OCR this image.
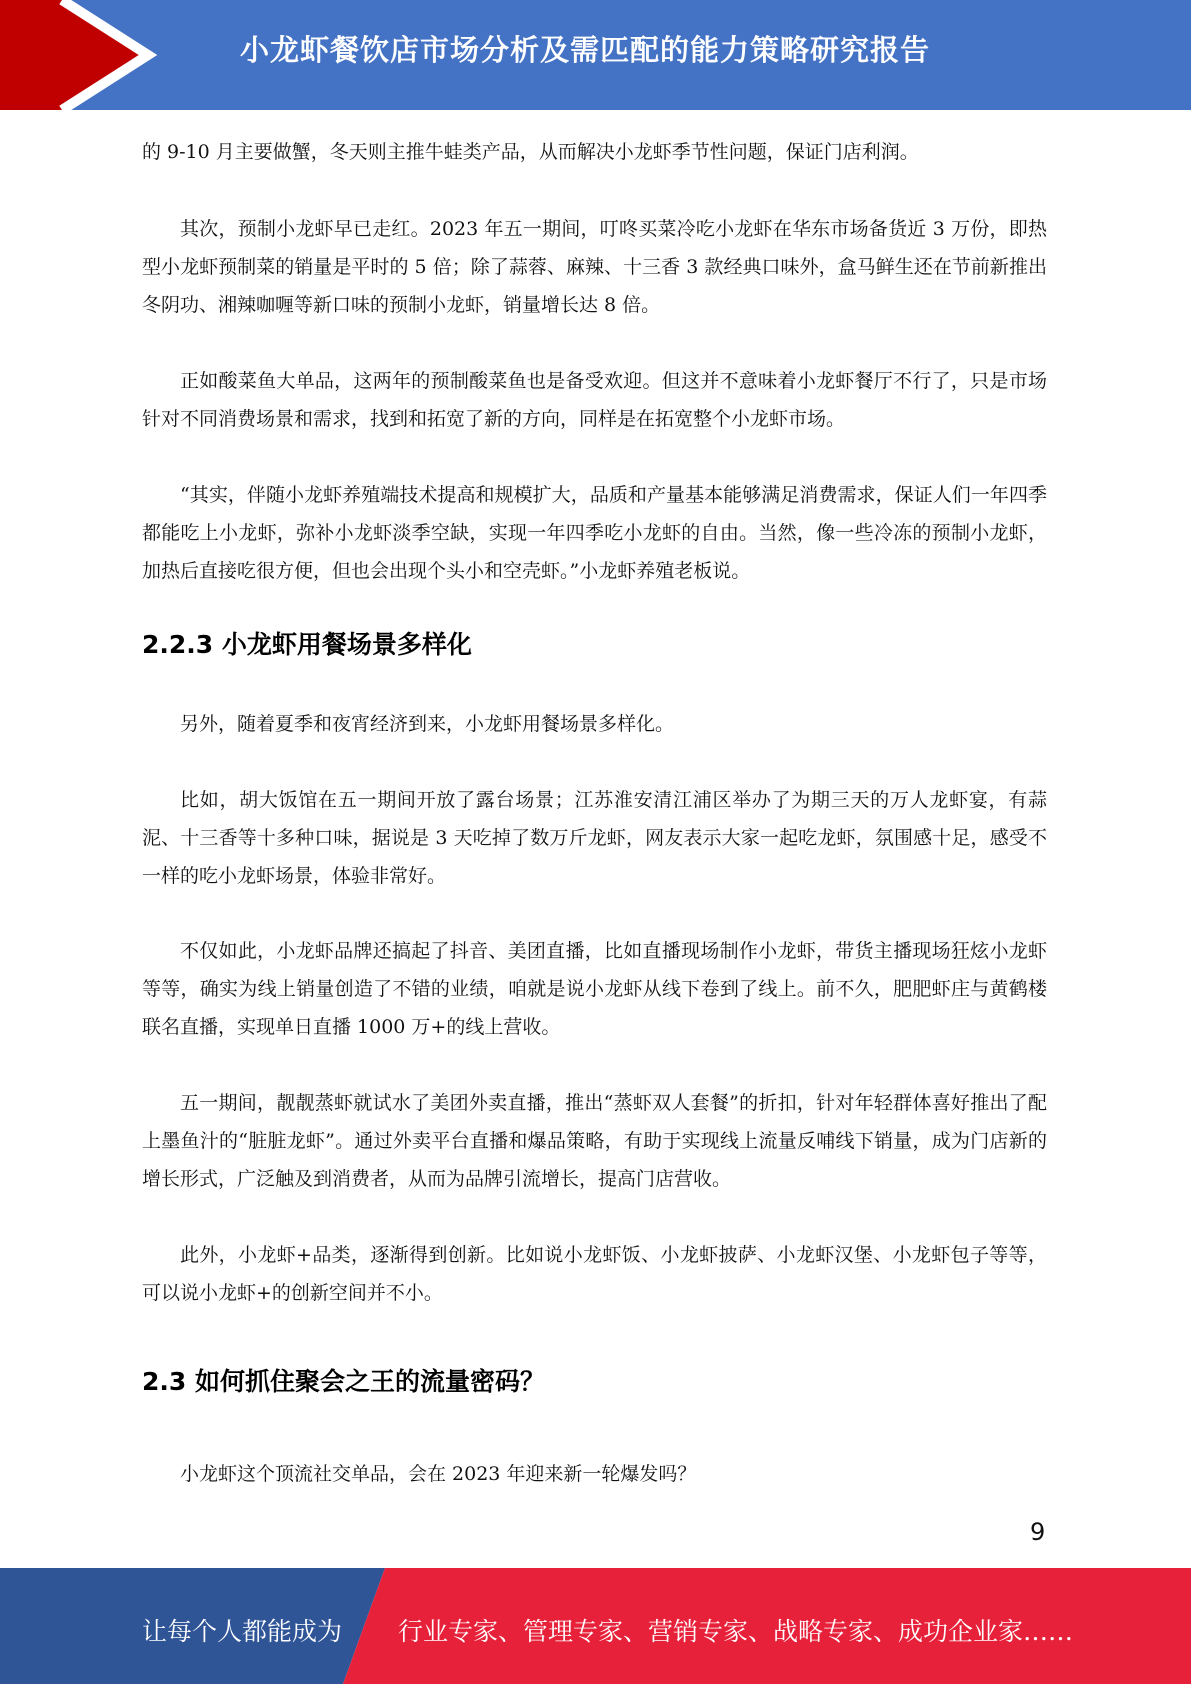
小龙虾餐饮店市场分析及需匹配的能力策略研究报告
的 9-10 月主要做蟹，冬天则主推牛蛙类产品，从而解决小龙虾季节性问题，保证门店利润。
其次，预制小龙虾早已走红。2023 年五一期间，叮咚买菜冷吃小龙虾在华东市场备货近 3 万份，即热型小龙虾预制菜的销量是平时的 5 倍；除了蒜蓉、麻辣、十三香 3 款经典口味外，盒马鲜生还在节前新推出冬阴功、湘辣咖喱等新口味的预制小龙虾，销量增长达 8 倍。
正如酸菜鱼大单品，这两年的预制酸菜鱼也是备受欢迎。但这并不意味着小龙虾餐厅不行了，只是市场针对不同消费场景和需求，找到和拓宽了新的方向，同样是在拓宽整个小龙虾市场。
“其实，伴随小龙虾养殖端技术提高和规模扩大，品质和产量基本能够满足消费需求，保证人们一年四季都能吃上小龙虾，弥补小龙虾淡季空缺，实现一年四季吃小龙虾的自由。当然，像一些冷冻的预制小龙虾，加热后直接吃很方便，但也会出现个头小和空壳虾。”小龙虾养殖老板说。
2.2.3 小龙虾用餐场景多样化
另外，随着夏季和夜宵经济到来，小龙虾用餐场景多样化。
比如，胡大饭馆在五一期间开放了露台场景；江苏淮安清江浦区举办了为期三天的万人龙虾宴，有蒜泥、十三香等十多种口味，据说是 3 天吃掉了数万斤龙虾，网友表示大家一起吃龙虾，氛围感十足，感受不一样的吃小龙虾场景，体验非常好。
不仅如此，小龙虾品牌还搞起了抖音、美团直播，比如直播现场制作小龙虾，带货主播现场狂炫小龙虾等等，确实为线上销量创造了不错的业绩，咱就是说小龙虾从线下卷到了线上。前不久，肥肥虾庄与黄鹤楼联名直播，实现单日直播 1000 万+的线上营收。
五一期间，靓靓蒸虾就试水了美团外卖直播，推出“蒸虾双人套餐”的折扣，针对年轻群体喜好推出了配上墨鱼汁的“脏脏龙虾”。通过外卖平台直播和爆品策略，有助于实现线上流量反哺线下销量，成为门店新的增长形式，广泛触及到消费者，从而为品牌引流增长，提高门店营收。
此外，小龙虾+品类，逐渐得到创新。比如说小龙虾饭、小龙虾披萨、小龙虾汉堡、小龙虾包子等等，可以说小龙虾+的创新空间并不小。
2.3 如何抓住聚会之王的流量密码？
小龙虾这个顶流社交单品，会在 2023 年迎来新一轮爆发吗？
9
让每个人都能成为 行业专家、管理专家、营销专家、战略专家、成功企业家……
